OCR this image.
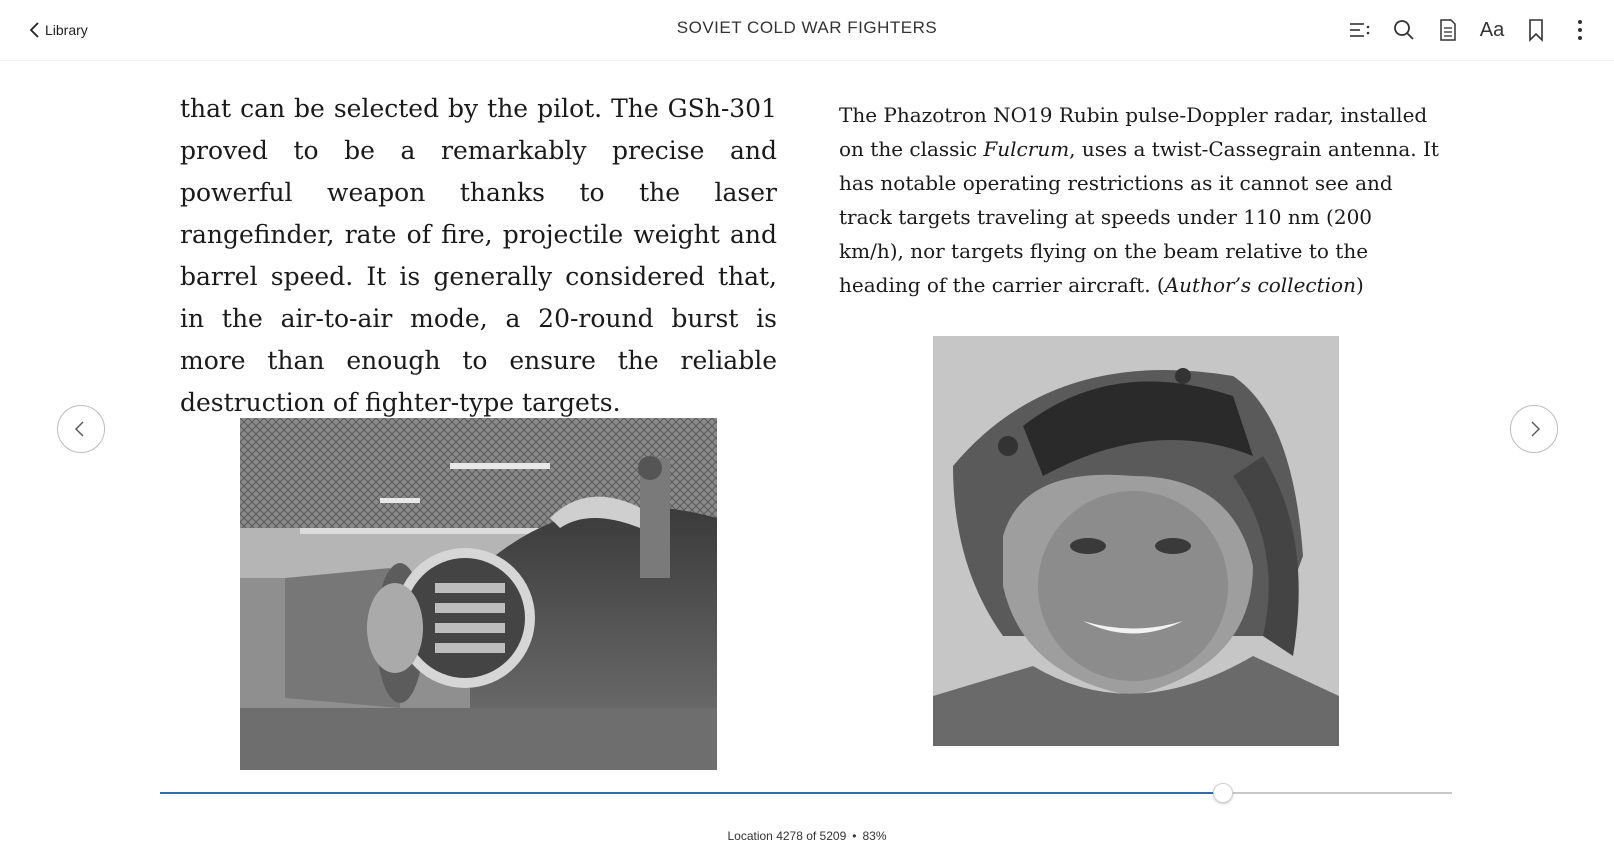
Library	SOVIET COLD WAR FIGHTERS	Aa
that can be selected by the pilot. The GSh-301 proved to be a remarkably precise and powerful weapon thanks to the laser rangefinder, rate of fire, projectile weight and barrel speed. It is generally considered that, in the air-to-air mode, a 20-round burst is more than enough to ensure the reliable destruction of fighter-type targets.
The Phazotron NO19 Rubin pulse-Doppler radar, installed on the classic Fulcrum, uses a twist-Cassegrain antenna. It has notable operating restrictions as it cannot see and track targets traveling at speeds under 110 nm (200 km/h), nor targets flying on the beam relative to the heading of the carrier aircraft. (Author’s collection)
Location 4278 of 5209 • 83%
